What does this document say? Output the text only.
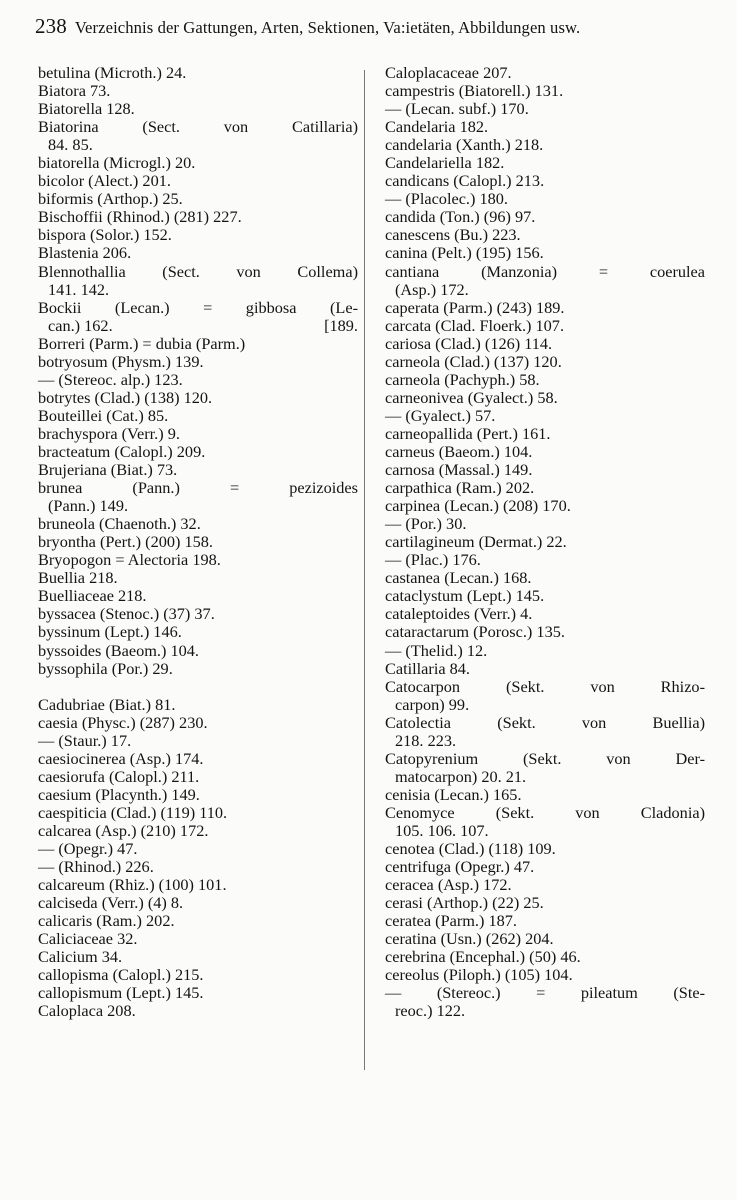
238 Verzeichnis der Gattungen, Arten, Sektionen, Va:ietäten, Abbildungen usw.
betulina (Microth.) 24.
Biatora 73.
Biatorella 128.
Biatorina (Sect. von Catillaria)
84. 85.
biatorella (Microgl.) 20.
bicolor (Alect.) 201.
biformis (Arthop.) 25.
Bischoffii (Rhinod.) (281) 227.
bispora (Solor.) 152.
Blastenia 206.
Blennothallia (Sect. von Collema)
141. 142.
Bockii (Lecan.) = gibbosa (Le-
can.) 162.	[189.
Borreri (Parm.) = dubia (Parm.)
botryosum (Physm.) 139.
— (Stereoc. alp.) 123.
botrytes (Clad.) (138) 120.
Bouteillei (Cat.) 85.
brachyspora (Verr.) 9.
bracteatum (Calopl.) 209.
Brujeriana (Biat.) 73.
brunea (Pann.) = pezizoides
(Pann.) 149.
bruneola (Chaenoth.) 32.
bryontha (Pert.) (200) 158.
Bryopogon = Alectoria 198.
Buellia 218.
Buelliaceae 218.
byssacea (Stenoc.) (37) 37.
byssinum (Lept.) 146.
byssoides (Baeom.) 104.
byssophila (Por.) 29.
Cadubriae (Biat.) 81.
caesia (Physc.) (287) 230.
— (Staur.) 17.
caesiocinerea (Asp.) 174.
caesiorufa (Calopl.) 211.
caesium (Placynth.) 149.
caespiticia (Clad.) (119) 110.
calcarea (Asp.) (210) 172.
— (Opegr.) 47.
— (Rhinod.) 226.
calcareum (Rhiz.) (100) 101.
calciseda (Verr.) (4) 8.
calicaris (Ram.) 202.
Caliciaceae 32.
Calicium 34.
callopisma (Calopl.) 215.
callopismum (Lept.) 145.
Caloplaca 208.
Caloplacaceae 207.
campestris (Biatorell.) 131.
— (Lecan. subf.) 170.
Candelaria 182.
candelaria (Xanth.) 218.
Candelariella 182.
candicans (Calopl.) 213.
— (Placolec.) 180.
candida (Ton.) (96) 97.
canescens (Bu.) 223.
canina (Pelt.) (195) 156.
cantiana (Manzonia) = coerulea
(Asp.) 172.
caperata (Parm.) (243) 189.
carcata (Clad. Floerk.) 107.
cariosa (Clad.) (126) 114.
carneola (Clad.) (137) 120.
carneola (Pachyph.) 58.
carneonivea (Gyalect.) 58.
— (Gyalect.) 57.
carneopallida (Pert.) 161.
carneus (Baeom.) 104.
carnosa (Massal.) 149.
carpathica (Ram.) 202.
carpinea (Lecan.) (208) 170.
— (Por.) 30.
cartilagineum (Dermat.) 22.
— (Plac.) 176.
castanea (Lecan.) 168.
cataclystum (Lept.) 145.
cataleptoides (Verr.) 4.
cataractarum (Porosc.) 135.
— (Thelid.) 12.
Catillaria 84.
Catocarpon (Sekt. von Rhizo-
carpon) 99.
Catolectia (Sekt. von Buellia)
218. 223.
Catopyrenium (Sekt. von Der-
matocarpon) 20. 21.
cenisia (Lecan.) 165.
Cenomyce (Sekt. von Cladonia)
105. 106. 107.
cenotea (Clad.) (118) 109.
centrifuga (Opegr.) 47.
ceracea (Asp.) 172.
cerasi (Arthop.) (22) 25.
ceratea (Parm.) 187.
ceratina (Usn.) (262) 204.
cerebrina (Encephal.) (50) 46.
cereolus (Piloph.) (105) 104.
— (Stereoc.) = pileatum (Ste-
reoc.) 122.
